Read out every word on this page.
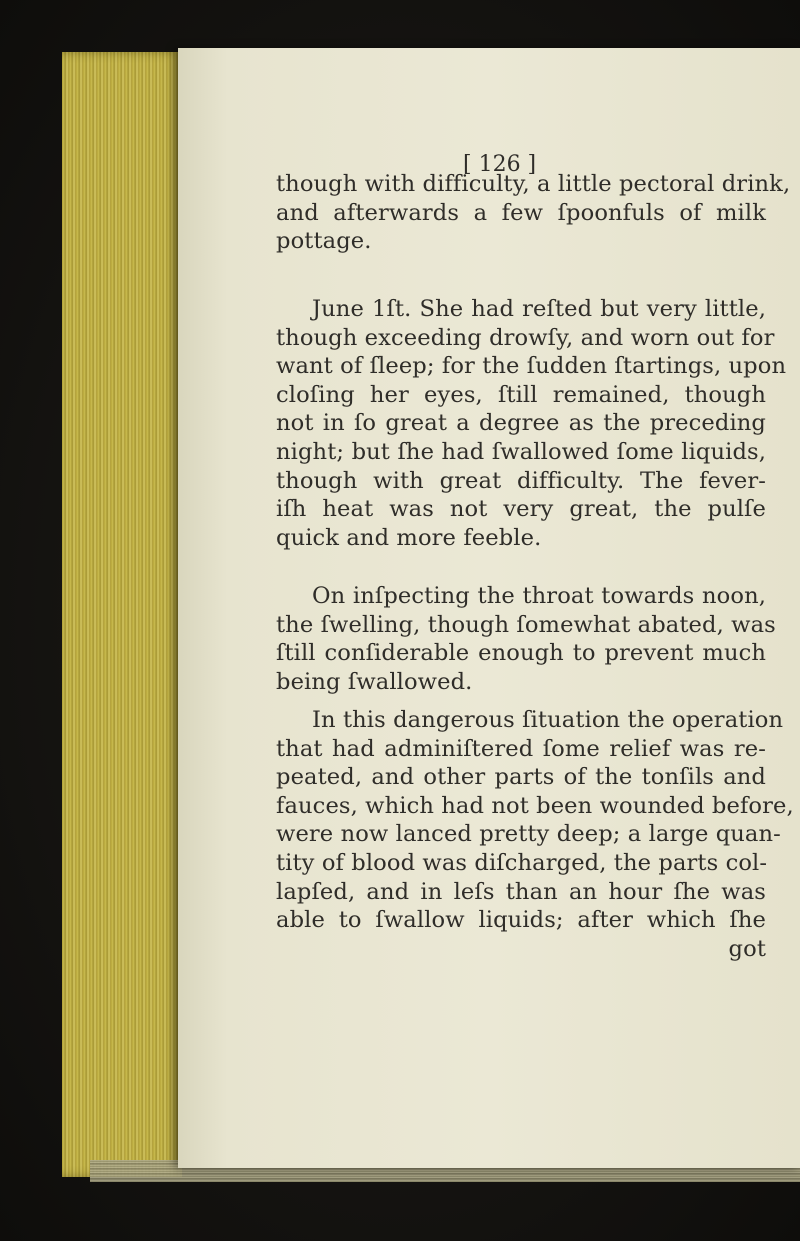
[ 126 ]
though with difficulty, a little pectoral drink,
and afterwards a few ſpoonfuls of milk
pottage.
June 1ſt. She had reſted but very little,
though exceeding drowſy, and worn out for
want of ſleep; for the ſudden ſtartings, upon
cloſing her eyes, ſtill remained, though
not in ſo great a degree as the preceding
night; but ſhe had ſwallowed ſome liquids,
though with great difficulty. The fever-
iſh heat was not very great, the pulſe
quick and more feeble.
On inſpecting the throat towards noon,
the ſwelling, though ſomewhat abated, was
ſtill conſiderable enough to prevent much
being ſwallowed.
In this dangerous ſituation the operation
that had adminiſtered ſome relief was re-
peated, and other parts of the tonſils and
fauces, which had not been wounded before,
were now lanced pretty deep; a large quan-
tity of blood was diſcharged, the parts col-
lapſed, and in leſs than an hour ſhe was
able to ſwallow liquids; after which ſhe
got
